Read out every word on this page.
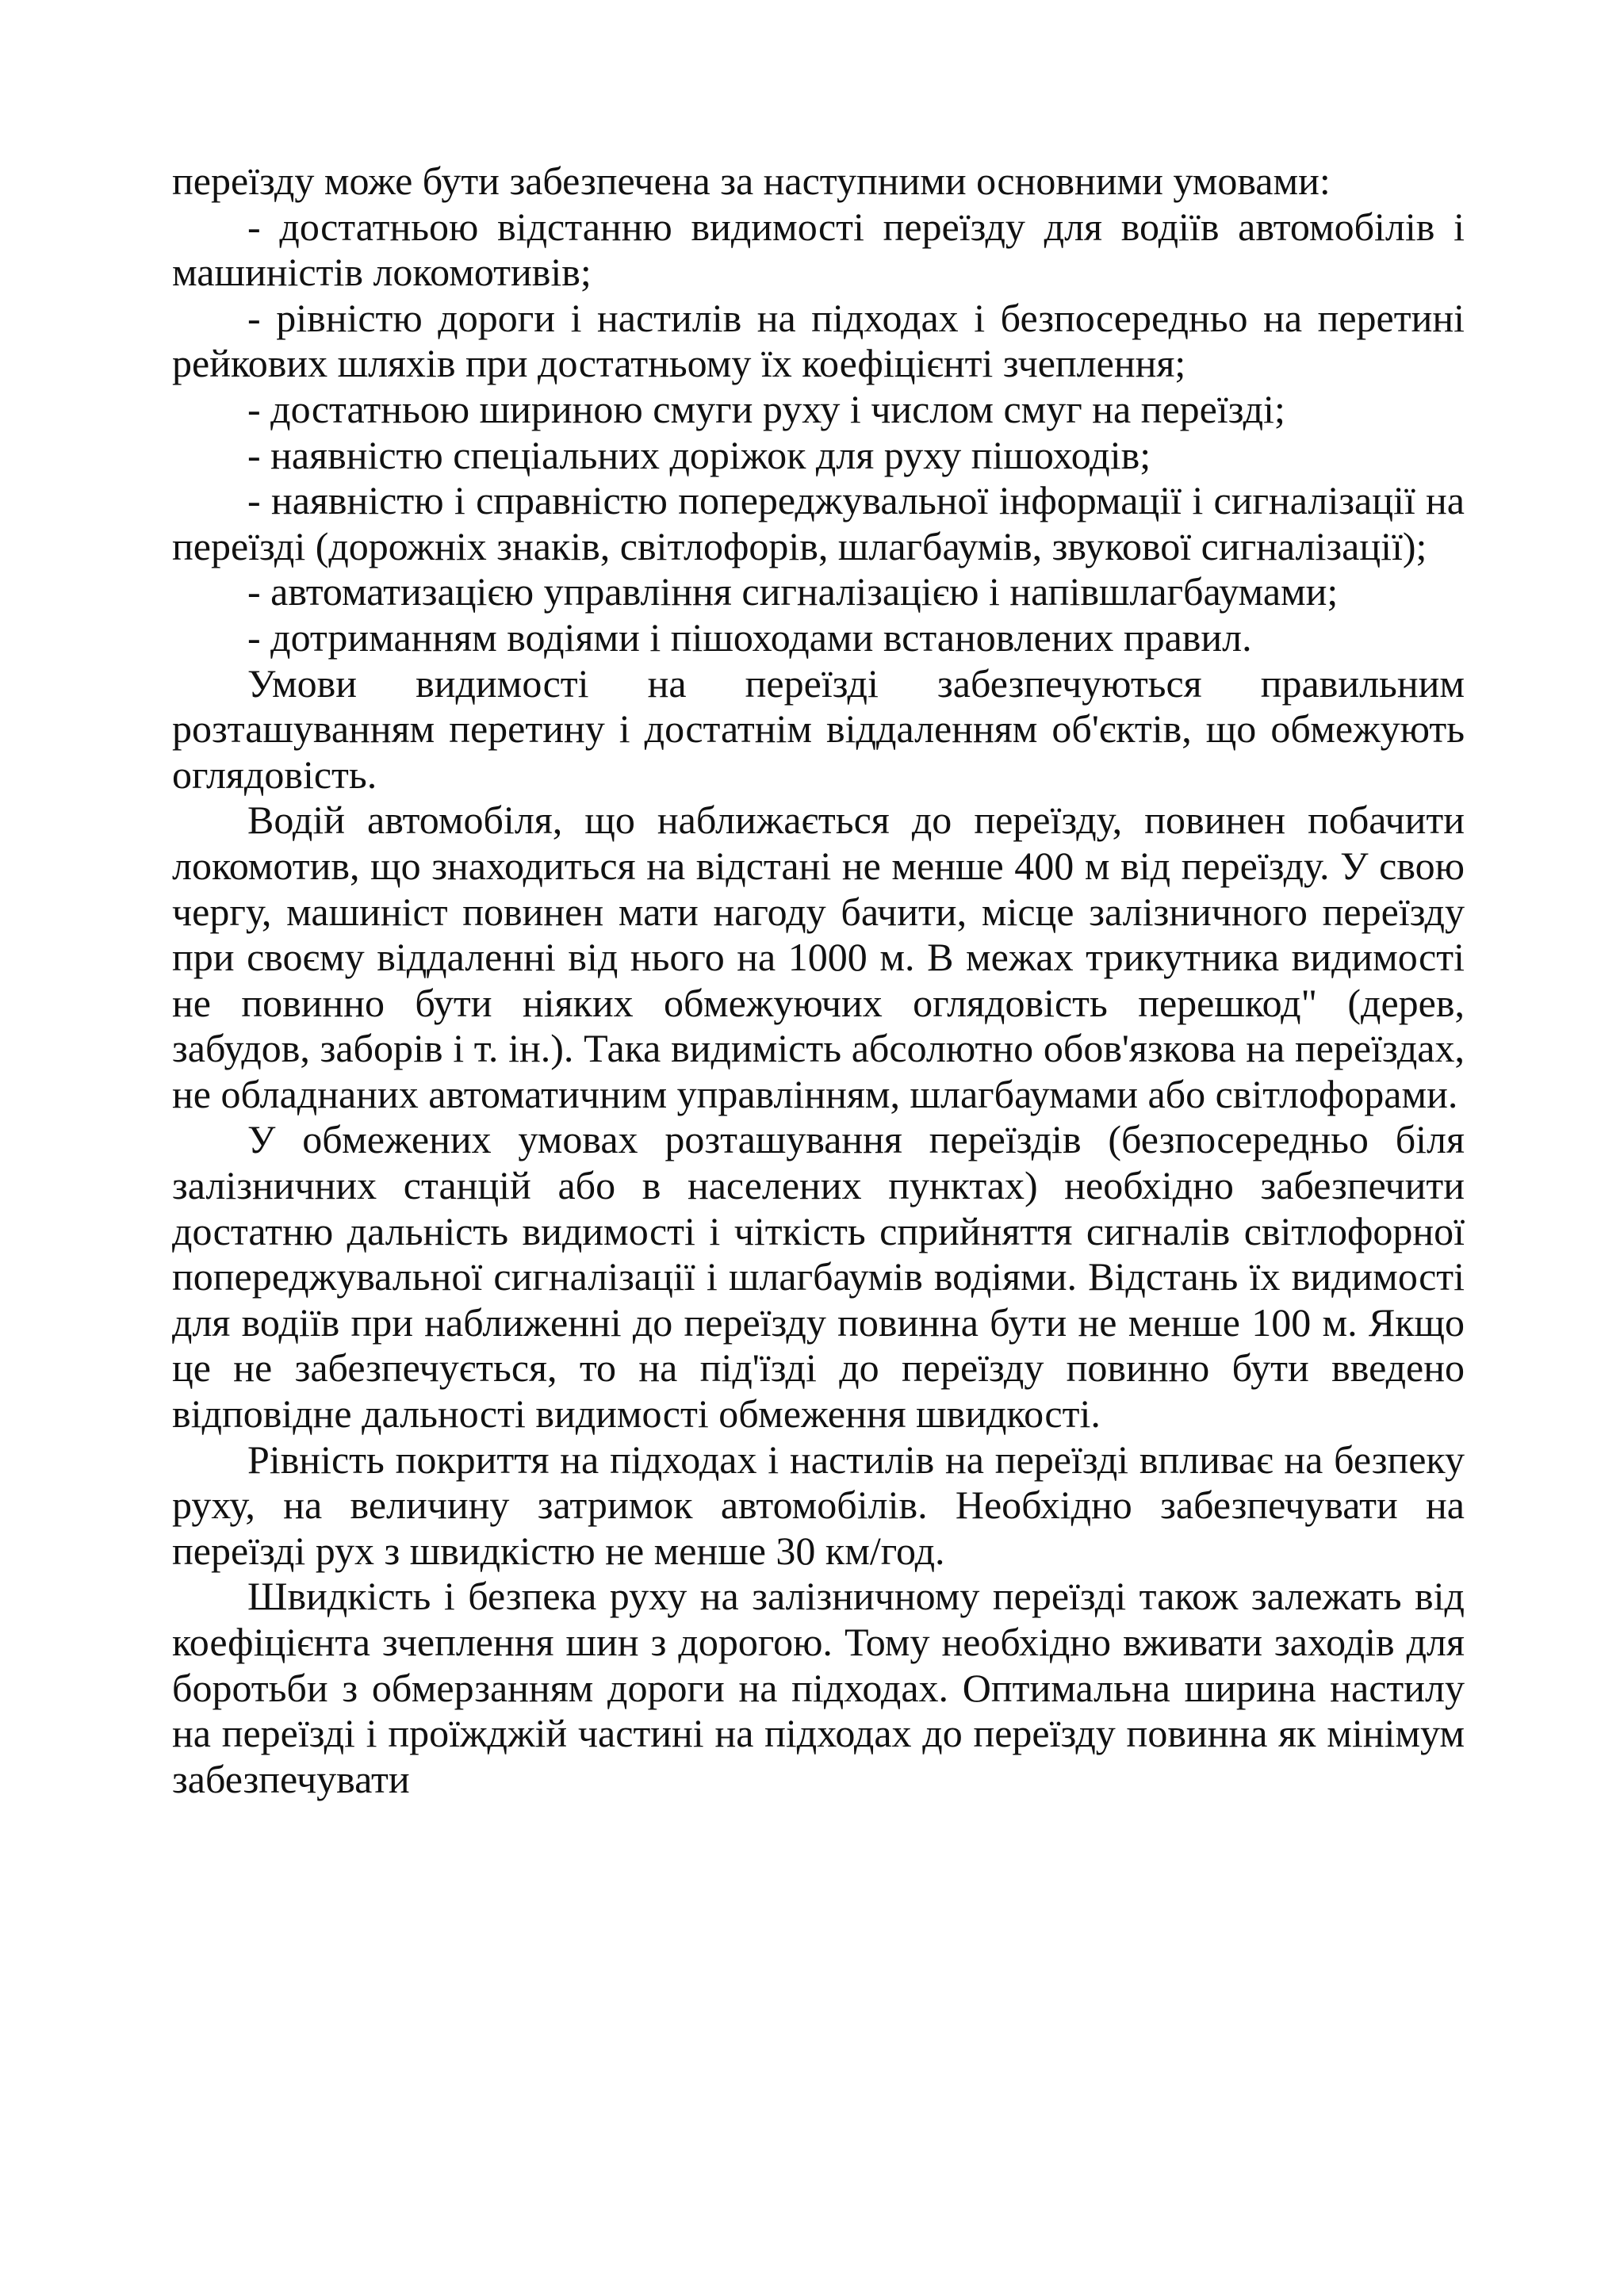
переїзду може бути забезпечена за наступними основними умовами:

- достатньою відстанню видимості переїзду для водіїв автомобілів і машиністів локомотивів;

- рівністю дороги і настилів на підходах і безпосередньо на перетині рейкових шляхів при достатньому їх коефіцієнті зчеплення;

- достатньою шириною смуги руху і числом смуг на переїзді;

- наявністю спеціальних доріжок для руху пішоходів;

- наявністю і справністю попереджувальної інформації і сигналізації на переїзді (дорожніх знаків, світлофорів, шлагбаумів, звукової сигналізації);

- автоматизацією управління сигналізацією і напівшлагбаумами;

- дотриманням водіями і пішоходами встановлених правил.

Умови видимості на переїзді забезпечуються правильним розташуванням перетину і достатнім віддаленням об'єктів, що обмежують оглядовість.

Водій автомобіля, що наближається до переїзду, повинен побачити локомотив, що знаходиться на відстані не менше 400 м від переїзду. У свою чергу, машиніст повинен мати нагоду бачити, місце залізничного переїзду при своєму віддаленні від нього на 1000 м. В межах трикутника видимості не повинно бути ніяких обмежуючих оглядовість перешкод" (дерев, забудов, заборів і т. ін.). Така видимість абсолютно обов'язкова на переїздах, не обладнаних автоматичним управлінням, шлагбаумами або світлофорами.

У обмежених умовах розташування переїздів (безпосередньо біля залізничних станцій або в населених пунктах) необхідно забезпечити достатню дальність видимості і чіткість сприйняття сигналів світлофорної попереджувальної сигналізації і шлагбаумів водіями. Відстань їх видимості для водіїв при наближенні до переїзду повинна бути не менше 100 м. Якщо це не забезпечується, то на під'їзді до переїзду повинно бути введено відповідне дальності видимості обмеження швидкості.

Рівність покриття на підходах і настилів на переїзді впливає на безпеку руху, на величину затримок автомобілів. Необхідно забезпечувати на переїзді рух з швидкістю не менше 30 км/год.

Швидкість і безпека руху на залізничному переїзді також залежать від коефіцієнта зчеплення шин з дорогою. Тому необхідно вживати заходів для боротьби з обмерзанням дороги на підходах. Оптимальна ширина настилу на переїзді і проїжджій частині на підходах до переїзду повинна як мінімум забезпечувати
